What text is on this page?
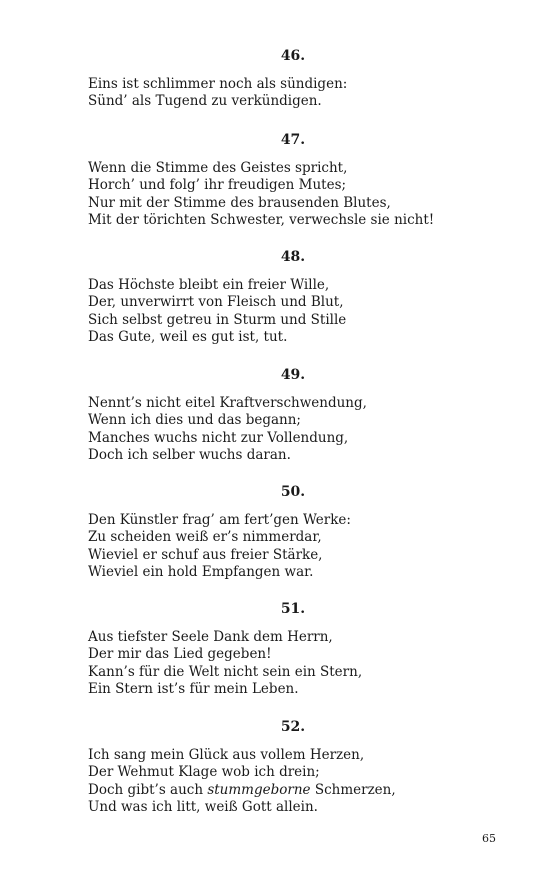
46.
Eins ist schlimmer noch als sündigen:
Sünd’ als Tugend zu verkündigen.
47.
Wenn die Stimme des Geistes spricht,
Horch’ und folg’ ihr freudigen Mutes;
Nur mit der Stimme des brausenden Blutes,
Mit der törichten Schwester, verwechsle sie nicht!
48.
Das Höchste bleibt ein freier Wille,
Der, unverwirrt von Fleisch und Blut,
Sich selbst getreu in Sturm und Stille
Das Gute, weil es gut ist, tut.
49.
Nennt’s nicht eitel Kraftverschwendung,
Wenn ich dies und das begann;
Manches wuchs nicht zur Vollendung,
Doch ich selber wuchs daran.
50.
Den Künstler frag’ am fert’gen Werke:
Zu scheiden weiß er’s nimmerdar,
Wieviel er schuf aus freier Stärke,
Wieviel ein hold Empfangen war.
51.
Aus tiefster Seele Dank dem Herrn,
Der mir das Lied gegeben!
Kann’s für die Welt nicht sein ein Stern,
Ein Stern ist’s für mein Leben.
52.
Ich sang mein Glück aus vollem Herzen,
Der Wehmut Klage wob ich drein;
Doch gibt’s auch stummgeborne Schmerzen,
Und was ich litt, weiß Gott allein.
65
